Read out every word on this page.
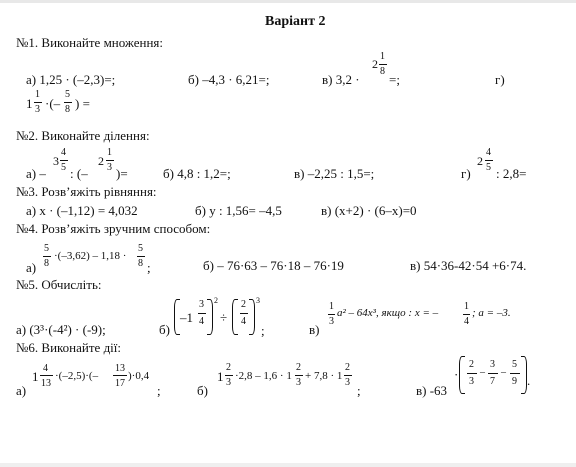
Варіант 2
№1. Виконайте множення:
а) 1,25 · (–2,3)=;	б) –4,3 · 6,21=;	в) 3,2 ·
2
1
8
=;	г)
1
1
3 ·(–
5
8 ) =
№2. Виконайте ділення:
а) –
3
4
5 : (–
2
1
3 )=	б) 4,8 : 1,2=;	в) –2,25 : 1,5=;	г)
2
4
5 : 2,8=
№3. Розв’яжіть рівняння:
а) x · (–1,12) = 4,032	б) y : 1,56= –4,5	в) (x+2) · (6–x)=0
№4. Розв’яжіть зручним способом:
а)
5
8
·(–3,62) – 1,18 ·
5
8 ;	б) – 76·63 – 76·18 – 76·19	в) 54·36-42·54 +6·74.
№5. Обчисліть:
а) (3³·(-4²) · (-9);	б)
–1
3
4
2
÷
2
4
3
;	в)
1
3
a² – 64x³, якщо : x = –
1
4
; a = –3.
№6. Виконайте дії:
а)
1
4
13
·(–2,5)·(–
13
17
)·0,4
;	б)
1
2
3
·2,8 – 1,6 · 1
2
3
+ 7,8 · 1
2
3
;	в) -63
·
2
3
–
3
7
–
5
9 .
